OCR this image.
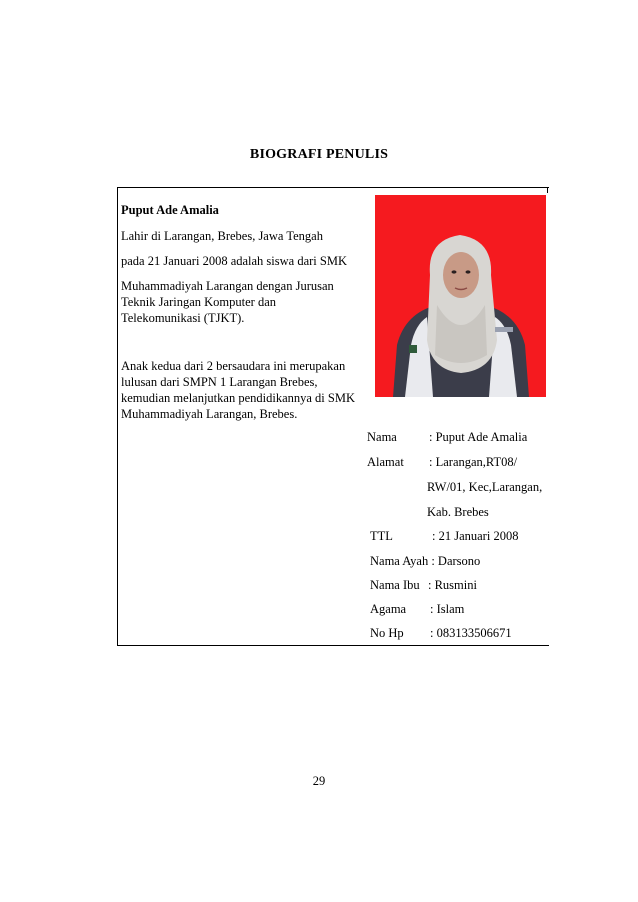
BIOGRAFI PENULIS
Puput Ade Amalia
Lahir di Larangan, Brebes, Jawa Tengah
pada 21 Januari 2008 adalah siswa dari SMK
Muhammadiyah Larangan dengan Jurusan
Teknik Jaringan Komputer dan
Telekomunikasi (TJKT).
Anak kedua dari 2 bersaudara ini merupakan
lulusan dari SMPN 1 Larangan Brebes,
kemudian melanjutkan pendidikannya di SMK
Muhammadiyah Larangan, Brebes.
Nama	: Puput Ade Amalia
Alamat : Larangan,RT08/
RW/01, Kec,Larangan,
Kab. Brebes
TTL	: 21 Januari 2008
Nama Ayah : Darsono
Nama Ibu : Rusmini
Agama : Islam
No Hp : 083133506671
29
